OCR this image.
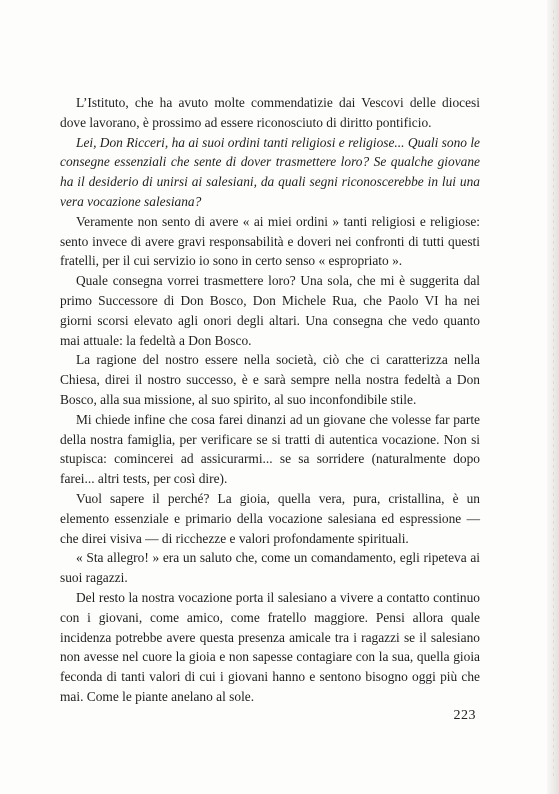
L’Istituto, che ha avuto molte commendatizie dai Vescovi delle diocesi dove lavorano, è prossimo ad essere riconosciuto di diritto pontificio.

Lei, Don Ricceri, ha ai suoi ordini tanti religiosi e religiose... Quali sono le consegne essenziali che sente di dover trasmettere loro? Se qualche giovane ha il desiderio di unirsi ai salesiani, da quali segni riconoscerebbe in lui una vera vocazione salesiana?

Veramente non sento di avere « ai miei ordini » tanti religiosi e religiose: sento invece di avere gravi responsabilità e doveri nei confronti di tutti questi fratelli, per il cui servizio io sono in certo senso « espropriato ».

Quale consegna vorrei trasmettere loro? Una sola, che mi è suggerita dal primo Successore di Don Bosco, Don Michele Rua, che Paolo VI ha nei giorni scorsi elevato agli onori degli altari. Una consegna che vedo quanto mai attuale: la fedeltà a Don Bosco.

La ragione del nostro essere nella società, ciò che ci caratterizza nella Chiesa, direi il nostro successo, è e sarà sempre nella nostra fedeltà a Don Bosco, alla sua missione, al suo spirito, al suo inconfondibile stile.

Mi chiede infine che cosa farei dinanzi ad un giovane che volesse far parte della nostra famiglia, per verificare se si tratti di autentica vocazione. Non si stupisca: comincerei ad assicurarmi... se sa sorridere (naturalmente dopo farei... altri tests, per così dire).

Vuol sapere il perché? La gioia, quella vera, pura, cristallina, è un elemento essenziale e primario della vocazione salesiana ed espressione — che direi visiva — di ricchezze e valori profondamente spirituali.

« Sta allegro! » era un saluto che, come un comandamento, egli ripeteva ai suoi ragazzi.

Del resto la nostra vocazione porta il salesiano a vivere a contatto continuo con i giovani, come amico, come fratello maggiore. Pensi allora quale incidenza potrebbe avere questa presenza amicale tra i ragazzi se il salesiano non avesse nel cuore la gioia e non sapesse contagiare con la sua, quella gioia feconda di tanti valori di cui i giovani hanno e sentono bisogno oggi più che mai. Come le piante anelano al sole.

223
